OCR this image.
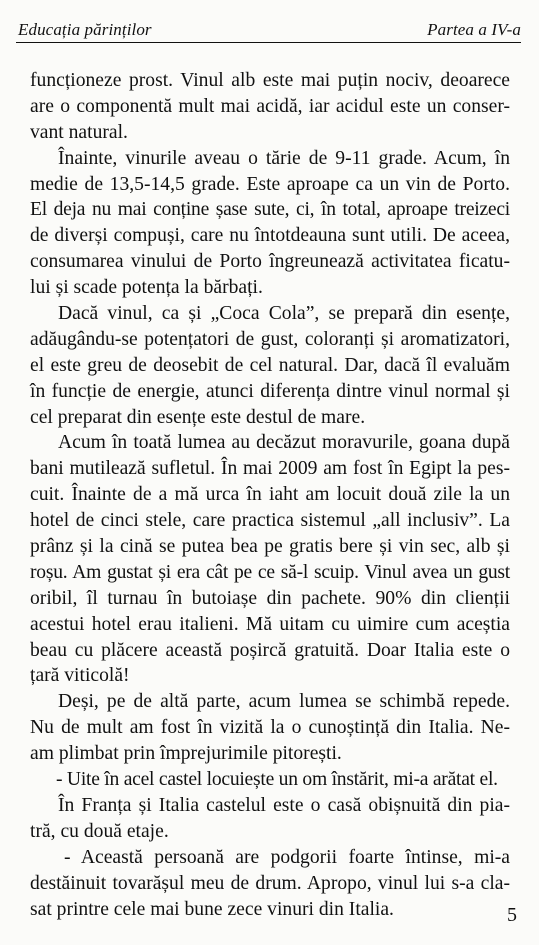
Educația părinților	Partea a IV-a
funcționeze prost. Vinul alb este mai puțin nociv, deoarece
are o componentă mult mai acidă, iar acidul este un conser-
vant natural.
Înainte, vinurile aveau o tărie de 9-11 grade. Acum, în
medie de 13,5-14,5 grade. Este aproape ca un vin de Porto.
El deja nu mai conține șase sute, ci, în total, aproape treizeci
de diverși compuși, care nu întotdeauna sunt utili. De aceea,
consumarea vinului de Porto îngreunează activitatea ficatu-
lui și scade potența la bărbați.
Dacă vinul, ca și „Coca Cola”, se prepară din esențe,
adăugându-se potențatori de gust, coloranți și aromatizatori,
el este greu de deosebit de cel natural. Dar, dacă îl evaluăm
în funcție de energie, atunci diferența dintre vinul normal și
cel preparat din esențe este destul de mare.
Acum în toată lumea au decăzut moravurile, goana după
bani mutilează sufletul. În mai 2009 am fost în Egipt la pes-
cuit. Înainte de a mă urca în iaht am locuit două zile la un
hotel de cinci stele, care practica sistemul „all inclusiv”. La
prânz și la cină se putea bea pe gratis bere și vin sec, alb și
roșu. Am gustat și era cât pe ce să-l scuip. Vinul avea un gust
oribil, îl turnau în butoiașe din pachete. 90% din clienții
acestui hotel erau italieni. Mă uitam cu uimire cum aceștia
beau cu plăcere această poșircă gratuită. Doar Italia este o
țară viticolă!
Deși, pe de altă parte, acum lumea se schimbă repede.
Nu de mult am fost în vizită la o cunoștință din Italia. Ne-
am plimbat prin împrejurimile pitorești.
- Uite în acel castel locuiește un om înstărit, mi-a arătat el.
În Franța și Italia castelul este o casă obișnuită din pia-
tră, cu două etaje.
- Această persoană are podgorii foarte întinse, mi-a
destăinuit tovarășul meu de drum. Apropo, vinul lui s-a cla-
sat printre cele mai bune zece vinuri din Italia.	5
